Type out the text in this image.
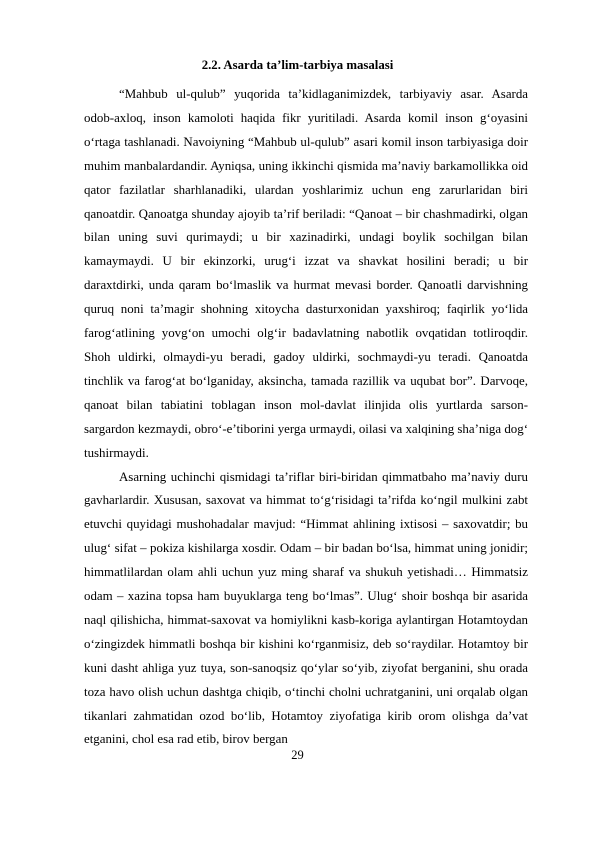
2.2. Asarda ta’lim-tarbiya masalasi

“Mahbub ul-qulub” yuqorida ta’kidlaganimizdek, tarbiyaviy asar. Asarda odob-axloq, inson kamoloti haqida fikr yuritiladi. Asarda komil inson g‘oyasini o‘rtaga tashlanadi. Navoiyning “Mahbub ul-qulub” asari komil inson tarbiyasiga doir muhim manbalardandir. Ayniqsa, uning ikkinchi qismida ma’naviy barkamollikka oid qator fazilatlar sharhlanadiki, ulardan yoshlarimiz uchun eng zarurlaridan biri qanoatdir. Qanoatga shunday ajoyib ta’rif beriladi: “Qanoat – bir chashmadirki, olgan bilan uning suvi qurimaydi; u bir xazinadirki, undagi boylik sochilgan bilan kamaymaydi. U bir ekinzorki, urug‘i izzat va shavkat hosilini beradi; u bir daraxtdirki, unda qaram bo‘lmaslik va hurmat mevasi border. Qanoatli darvishning quruq noni ta’magir shohning xitoycha dasturxonidan yaxshiroq; faqirlik yo‘lida farog‘atlining yovg‘on umochi olg‘ir badavlatning nabotlik ovqatidan totliroqdir. Shoh uldirki, olmaydi-yu beradi, gadoy uldirki, sochmaydi-yu teradi. Qanoatda tinchlik va farog‘at bo‘lganiday, aksincha, tamada razillik va uqubat bor”. Darvoqe, qanoat bilan tabiatini toblagan inson mol-davlat ilinjida olis yurtlarda sarson-sargardon kezmaydi, obro‘-e’tiborini yerga urmaydi, oilasi va xalqining sha’niga dog‘ tushirmaydi.

Asarning uchinchi qismidagi ta’riflar biri-biridan qimmatbaho ma’naviy duru gavharlardir. Xususan, saxovat va himmat to‘g‘risidagi ta’rifda ko‘ngil mulkini zabt etuvchi quyidagi mushohadalar mavjud: “Himmat ahlining ixtisosi – saxovatdir; bu ulug‘ sifat – pokiza kishilarga xosdir. Odam – bir badan bo‘lsa, himmat uning jonidir; himmatlilardan olam ahli uchun yuz ming sharaf va shukuh yetishadi… Himmatsiz odam – xazina topsa ham buyuklarga teng bo‘lmas”. Ulug‘ shoir boshqa bir asarida naql qilishicha, himmat-saxovat va homiylikni kasb-koriga aylantirgan Hotamtoydan o‘zingizdek himmatli boshqa bir kishini ko‘rganmisiz, deb so‘raydilar. Hotamtoy bir kuni dasht ahliga yuz tuya, son-sanoqsiz qo‘ylar so‘yib, ziyofat berganini, shu orada toza havo olish uchun dashtga chiqib, o‘tinchi cholni uchratganini, uni orqalab olgan tikanlari zahmatidan ozod bo‘lib, Hotamtoy ziyofatiga kirib orom olishga da’vat etganini, chol esa rad etib, birov bergan

29
